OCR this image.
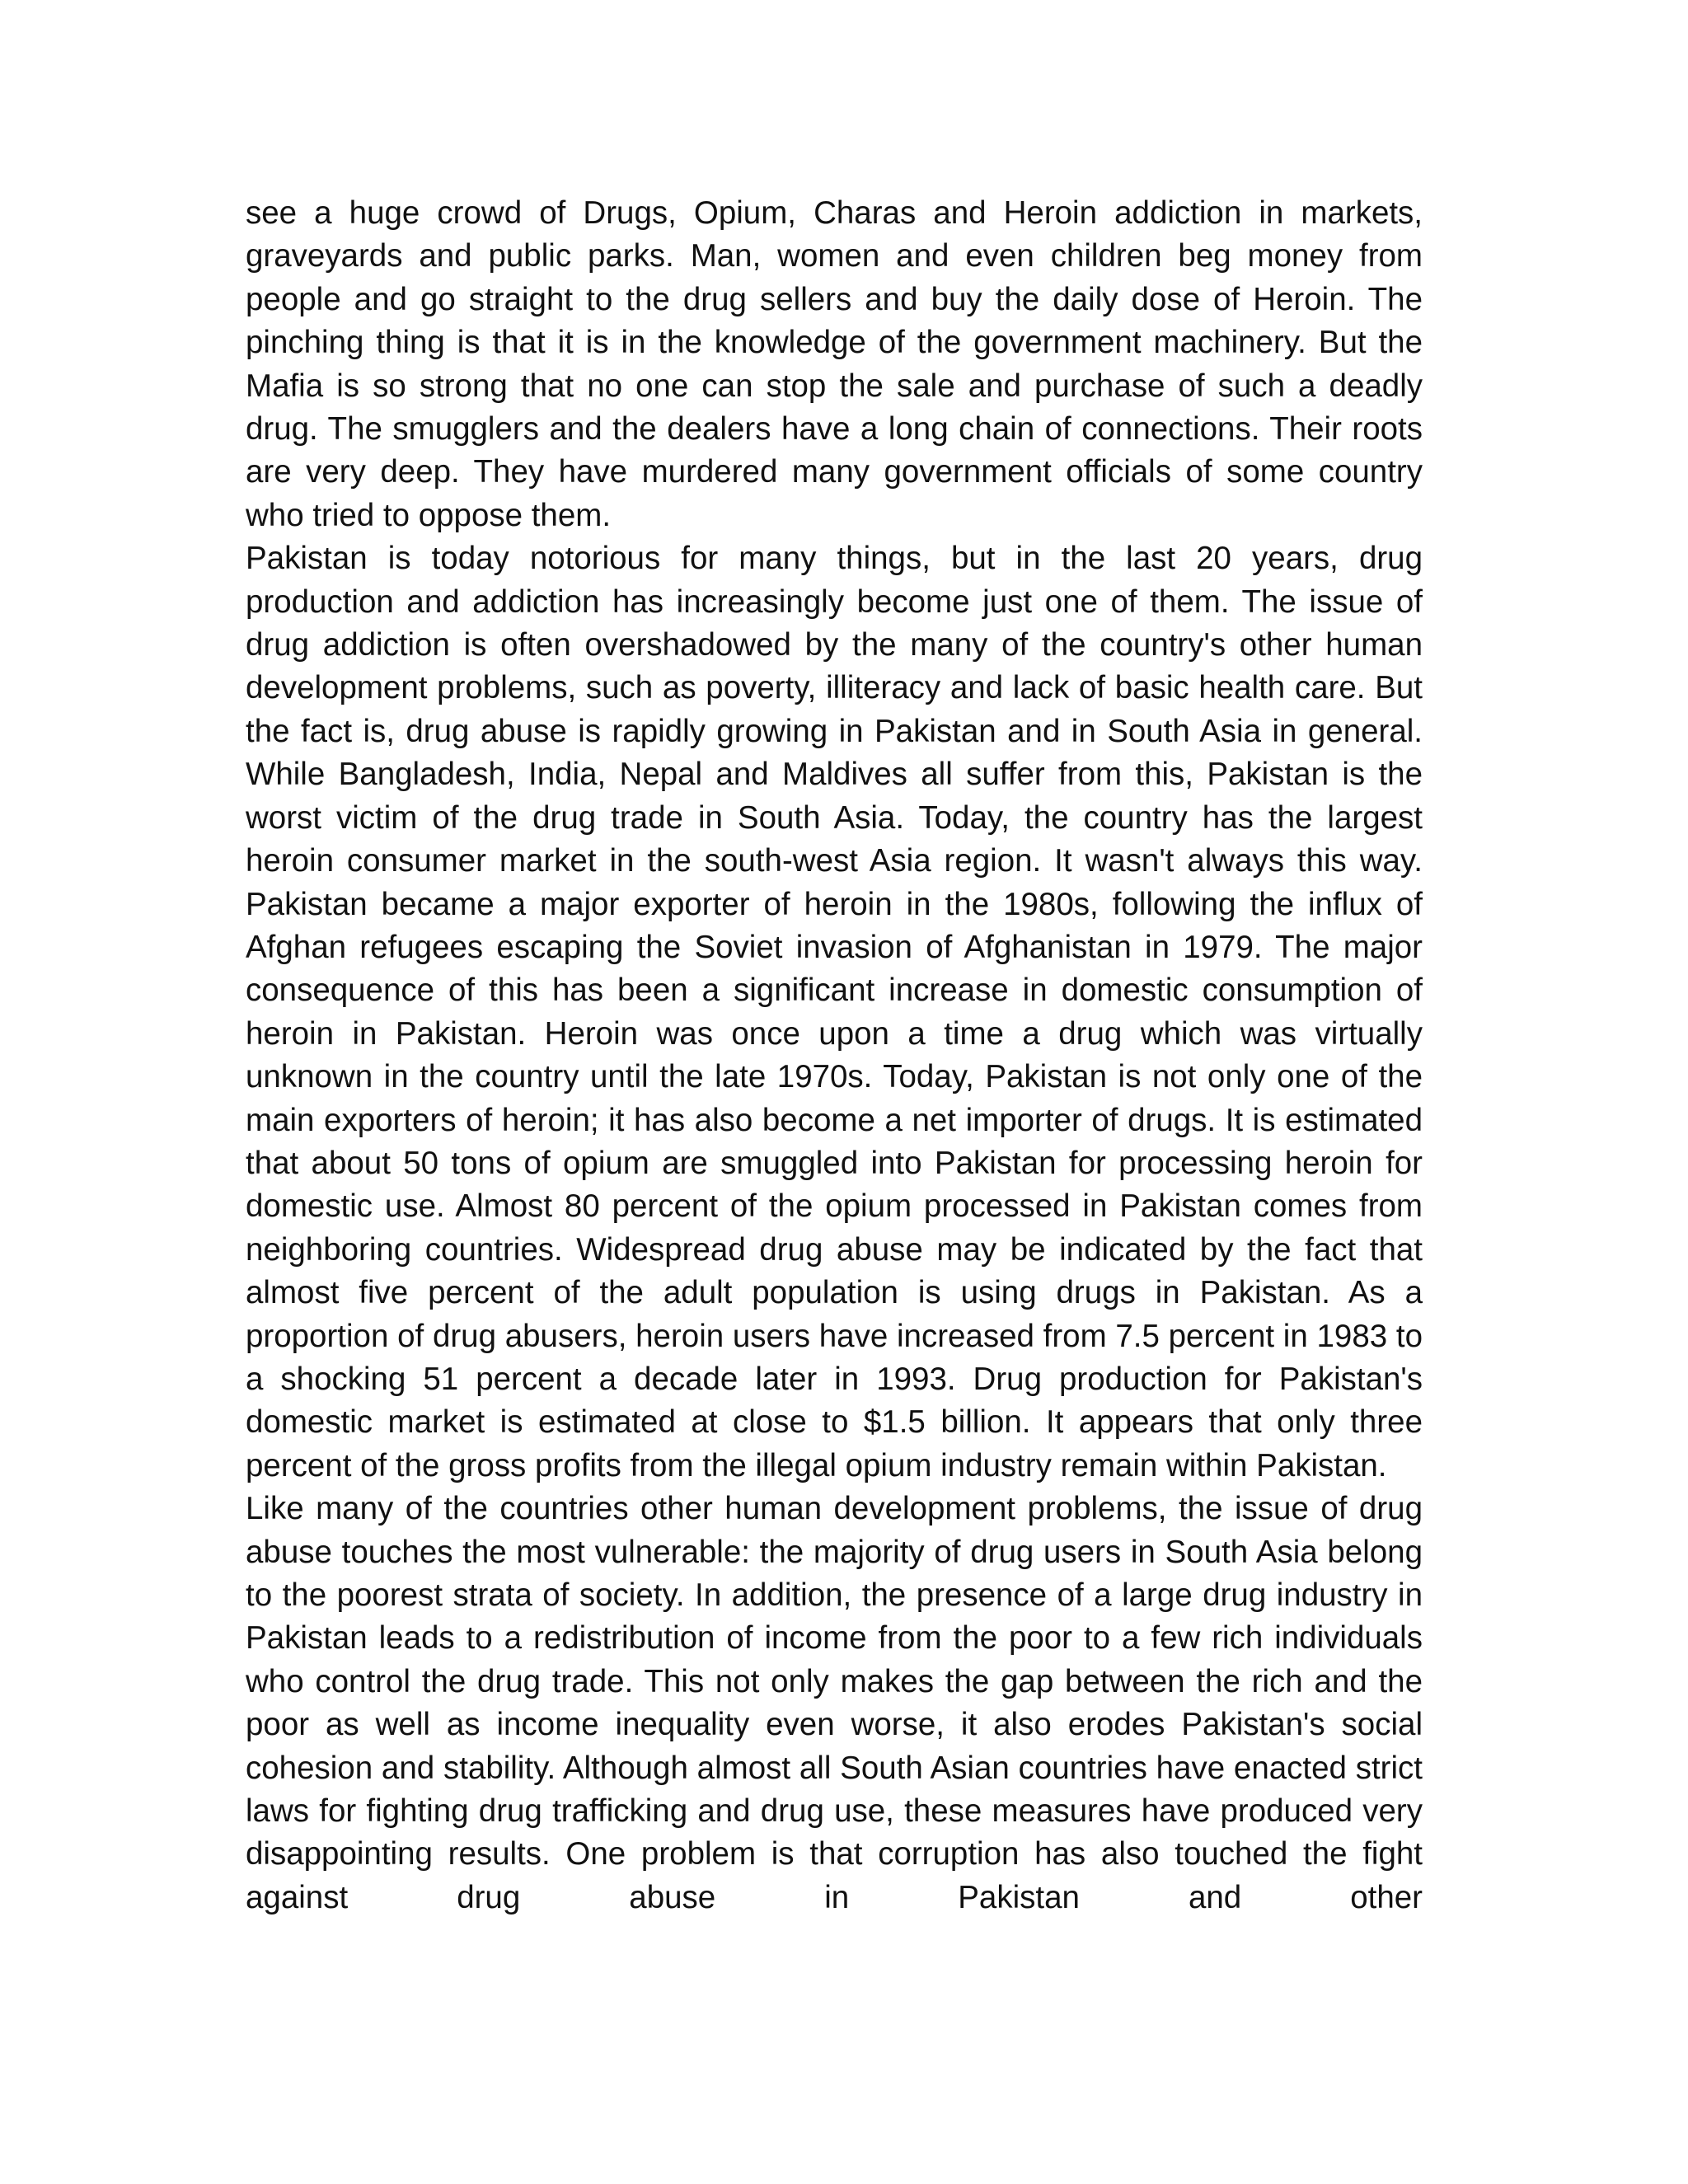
see a huge crowd of Drugs, Opium, Charas and Heroin addiction in markets, graveyards and public parks. Man, women and even children beg money from people and go straight to the drug sellers and buy the daily dose of Heroin. The pinching thing is that it is in the knowledge of the government machinery. But the Mafia is so strong that no one can stop the sale and purchase of such a deadly drug. The smugglers and the dealers have a long chain of connections. Their roots are very deep. They have murdered many government officials of some country who tried to oppose them.

Pakistan is today notorious for many things, but in the last 20 years, drug production and addiction has increasingly become just one of them. The issue of drug addiction is often overshadowed by the many of the country's other human development problems, such as poverty, illiteracy and lack of basic health care. But the fact is, drug abuse is rapidly growing in Pakistan and in South Asia in general. While Bangladesh, India, Nepal and Maldives all suffer from this, Pakistan is the worst victim of the drug trade in South Asia. Today, the country has the largest heroin consumer market in the south-west Asia region. It wasn't always this way. Pakistan became a major exporter of heroin in the 1980s, following the influx of Afghan refugees escaping the Soviet invasion of Afghanistan in 1979. The major consequence of this has been a significant increase in domestic consumption of heroin in Pakistan. Heroin was once upon a time a drug which was virtually unknown in the country until the late 1970s. Today, Pakistan is not only one of the main exporters of heroin; it has also become a net importer of drugs. It is estimated that about 50 tons of opium are smuggled into Pakistan for processing heroin for domestic use. Almost 80 percent of the opium processed in Pakistan comes from neighboring countries. Widespread drug abuse may be indicated by the fact that almost five percent of the adult population is using drugs in Pakistan. As a proportion of drug abusers, heroin users have increased from 7.5 percent in 1983 to a shocking 51 percent a decade later in 1993. Drug production for Pakistan's domestic market is estimated at close to $1.5 billion. It appears that only three percent of the gross profits from the illegal opium industry remain within Pakistan.

Like many of the countries other human development problems, the issue of drug abuse touches the most vulnerable: the majority of drug users in South Asia belong to the poorest strata of society. In addition, the presence of a large drug industry in Pakistan leads to a redistribution of income from the poor to a few rich individuals who control the drug trade. This not only makes the gap between the rich and the poor as well as income inequality even worse, it also erodes Pakistan's social cohesion and stability. Although almost all South Asian countries have enacted strict laws for fighting drug trafficking and drug use, these measures have produced very disappointing results. One problem is that corruption has also touched the fight against drug abuse in Pakistan and other
